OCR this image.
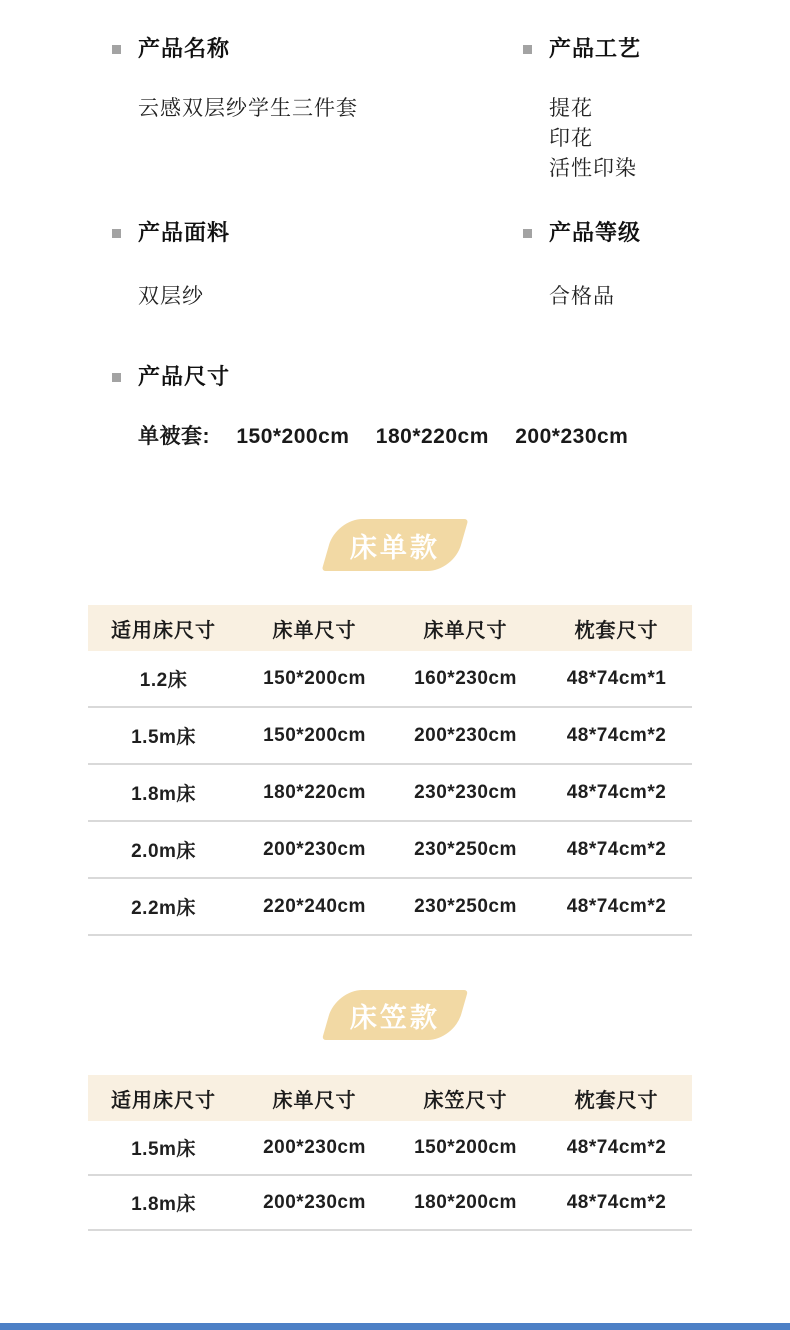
产品名称
云感双层纱学生三件套
产品工艺
提花
印花
活性印染
产品面料
双层纱
产品等级
合格品
产品尺寸
单被套: 150*200cm 180*220cm 200*230cm
床单款
适用床尺寸	床单尺寸	床单尺寸	枕套尺寸
1.2床	150*200cm	160*230cm	48*74cm*1
1.5m床	150*200cm	200*230cm	48*74cm*2
1.8m床	180*220cm	230*230cm	48*74cm*2
2.0m床	200*230cm	230*250cm	48*74cm*2
2.2m床	220*240cm	230*250cm	48*74cm*2
床笠款
适用床尺寸	床单尺寸	床笠尺寸	枕套尺寸
1.5m床	200*230cm	150*200cm	48*74cm*2
1.8m床	200*230cm	180*200cm	48*74cm*2
